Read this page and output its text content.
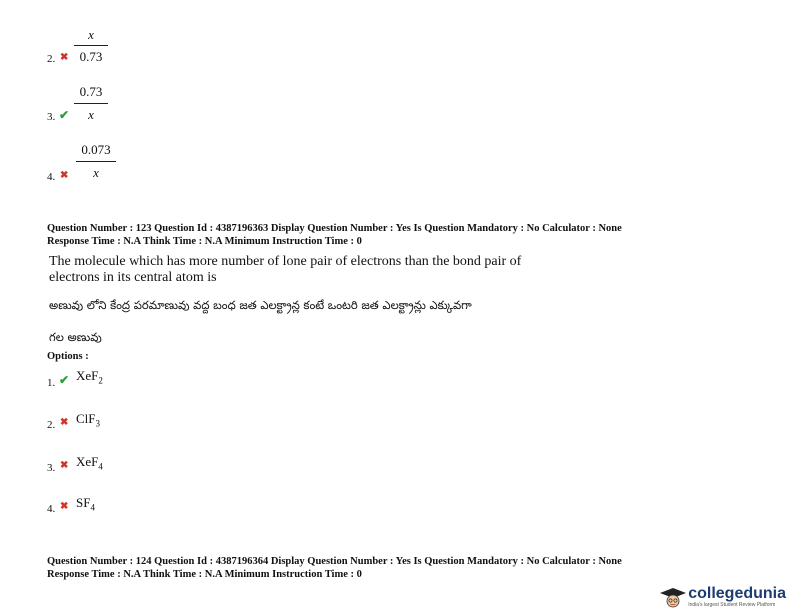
2. ✖ $\frac{x}{0.73}$
3. ✔ $\frac{0.73}{x}$
4. ✖ $\frac{0.073}{x}$
Question Number : 123 Question Id : 4387196363 Display Question Number : Yes Is Question Mandatory : No Calculator : None
Response Time : N.A Think Time : N.A Minimum Instruction Time : 0
The molecule which has more number of lone pair of electrons than the bond pair of
electrons in its central atom is
అణువు లోని కేంద్ర పరమాణువు వద్ద బంధ జత ఎలక్ట్రాన్ల కంటే ఒంటరి జత ఎలక్ట్రాన్లు ఎక్కువగా
గల అణువు
Options :
1. ✔ XeF$_2$
2. ✖ ClF$_3$
3. ✖ XeF$_4$
4. ✖ $SF_4$
Question Number : 124 Question Id : 4387196364 Display Question Number : Yes Is Question Mandatory : No Calculator : None
Response Time : N.A Think Time : N.A Minimum Instruction Time : 0
collegedunia
India's largest Student Review Platform
